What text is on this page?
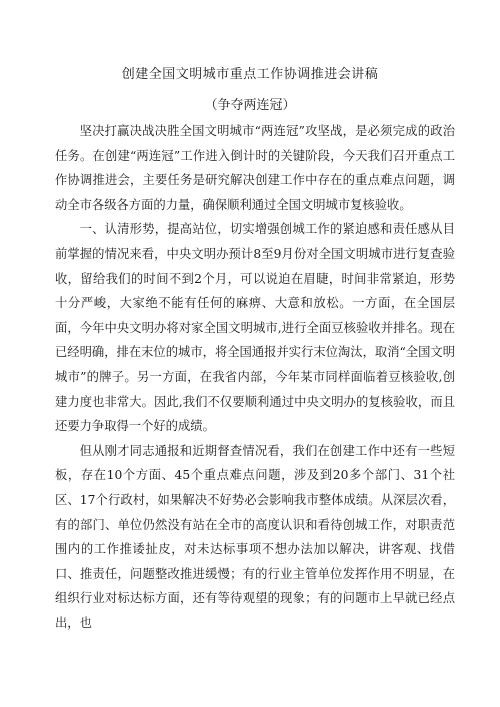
创建全国文明城市重点工作协调推进会讲稿
（争夺两连冠）

坚决打赢决战决胜全国文明城市“两连冠”攻坚战，是必须完成的政治任务。在创建“两连冠”工作进入倒计时的关键阶段，今天我们召开重点工作协调推进会，主要任务是研究解决创建工作中存在的重点难点问题，调动全市各级各方面的力量，确保顺利通过全国文明城市复核验收。

一、认清形势，提高站位，切实增强创城工作的紧迫感和责任感从目前掌握的情况来看，中央文明办预计8至9月份对全国文明城市进行复查验收，留给我们的时间不到2个月，可以说迫在眉睫，时间非常紧迫，形势十分严峻，大家绝不能有任何的麻痹、大意和放松。一方面，在全国层面，今年中央文明办将对家全国文明城市,进行全面豆核验收并排名。现在已经明确，排在末位的城市，将全国通报并实行末位淘汰，取消“全国文明城市”的牌子。另一方面，在我省内部，今年某市同样面临着豆核验收,创建力度也非常大。因此,我们不仅要顺利通过中央文明办的复核验收，而且还要力争取得一个好的成绩。

但从刚才同志通报和近期督查情况看，我们在创建工作中还有一些短板，存在10个方面、45个重点难点问题，涉及到20多个部门、31个社区、17个行政村，如果解决不好势必会影响我市整体成绩。从深层次看，有的部门、单位仍然没有站在全市的高度认识和看待创城工作，对职责范围内的工作推诿扯皮，对未达标事项不想办法加以解决，讲客观、找借口、推责任，问题整改推进缓慢；有的行业主管单位发挥作用不明显，在组织行业对标达标方面，还有等待观望的现象；有的问题市上早就已经点出，也
